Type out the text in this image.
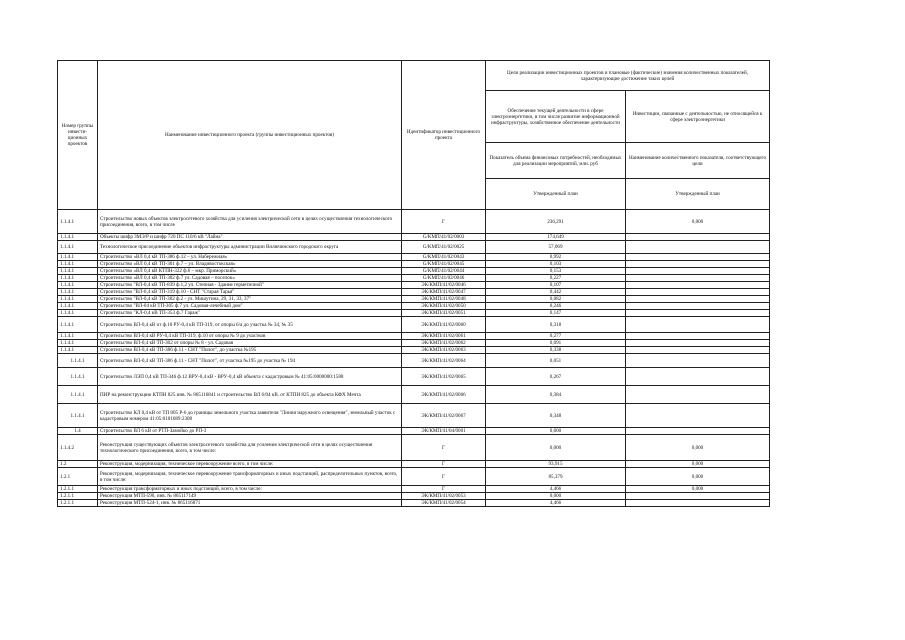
Номер группы инвести-ционных проектов	Наименование инвестиционного проекта (группы инвестиционных проектов)	Идентификатор инвестиционного проекта	Цели реализации инвестиционных проектов и плановые (фактические) значения количественных показателей, характеризующие достижение таких целей	
			Обеспечение текущей деятельности в сфере электроэнергетики, в том числе развитие информационной инфраструктуры, хозяйственное обеспечение деятельности	Инвестиции, связанные с деятельностью, не относящейся к сфере электроэнергетики
			Показатель объема финансовых потребностей, необходимых для реализации мероприятий, млн. руб	Наименование количественного показателя, соответствующего цели
			Утвержденный план	Утвержденный план
1.1.4.1	Строительство новых объектов электросетевого хозяйства для усиления электрической сети в целях осуществления технологического присоединения, всего, в том числе	Г	236,291	0,000
1.1.4.1	Объекты шифр 3МЭ/Р и шифр 720 ПС 110/6 кВ "Лайна"	G/KMП/41/02/0003	174,649	
1.1.4.1	Технологическое присоединение объектов инфраструктуры администрации Вилючинского городского округа	G/KMП/41/02/0025	57,069	
1.1.4.1	Строительство «ВЛ 0,4 кВ ТП-386 ф.12 – ул. Набережная»	G/KMП/41/02/0043	0,992	
1.1.4.1	Строительство «ВЛ 0,4 кВ ТП-301 ф.7 – ул. Владивостокская»	G/KMП/41/02/0045	0,103	
1.1.4.1	Строительство «ВЛ 0,4 кВ КТПН-322 ф.6 – мкр. Приморский»	G/KMП/41/02/0044	0,153	
1.1.4.1	Строительство «ВЛ 0,4 кВ ТП-302 ф.7 ул. Садовая – поселок»	G/KMП/41/02/0046	0,227	
1.1.4.1	Строительство "ВЛ-0,4 кВ ТП-839 ф.1,2 ул. Степная - Здание герметичной"	ЭК/КМП/41/02/0046	0,107	
1.1.4.1	Строительство "ВЛ-0,4 кВ ТП-319 ф.10 - СНТ "Старая Тарья"	ЭК/КМП/41/02/0047	0,442	
1.1.4.1	Строительство "ВЛ-0,4 кВ ТП-302 ф.2 - ул. Мишутина, 29, 31, 33, 37"	ЭК/КМП/41/02/0048	0,082	
1.1.4.1	Строительство "ВЛ-04 кВ ТП-305 ф.7 ул. Садовая-лечебный дом"	ЭК/КМП/41/02/0050	0,246	
1.1.4.1	Строительство "КЛ-0,4 кВ ТП-353 ф.7 Гараж"	ЭК/КМП/41/02/0051	0,147	
1.1.4.1	Строительство ВЛ-0,4 кВ от ф.10 РУ-0,4 кВ ТП-319, от опоры 6/а до участка № 34, № 35	ЭК/КМП/41/02/0060	0,318	
1.1.4.1	Строительство ВЛ-0,4 кВ РУ-0,4 кВ ТП-319, ф.10 от опоры № 9 до участков	ЭК/КМП/41/02/0061	0,277	
1.1.4.1	Строительство ВЛ-0,4 кВ ТП-302 от опоры № 8 - ул. Садовая	ЭК/КМП/41/02/0062	0,091	
1.1.4.1	Строительство ВЛ-0,4 кВ ТП-386 ф.11 - СНТ "Пилот", до участка №195	ЭК/КМП/41/02/0063	0,338	
1.1.4.1	Строительство ВЛ-0,4 кВ ТП-386 ф.11 - СНТ "Пилот", от участка №195 до участка № 194	ЭК/КМП/41/02/0064	0,051	
1.1.4.1	Строительство ЛЭП 0,4 кВ ТП-346 ф.12 ВРУ-0,4 кВ - ВРУ-0,4 кВ объекта с кадастровым № 41:05:0000000:1588	ЭК/КМП/41/02/0065	0,267	
1.1.4.1	ПИР на реконструкцию КТПН 825 инв. № 865116841 и строительство ВЛ 6/04 кВ. от КТПН 825 до объекта КФХ Мечта	ЭК/КМП/41/02/0066	0,384	
1.1.4.1	Строительство КЛ 0,4 кВ от ТП 805 Р-6 до границы земельного участка заявителя "Линии наружного освещения", земельный участок с кадастровым номером 41:05:0101089:2308	ЭК/КМП/41/02/0067	0,348	
1.4	Строительство ВЛ 6 кВ от РТП-Замойко до РП-3	ЭК/КМП/41/04/0001	0,000	
1.1.4.2	Реконструкция существующих объектов электросетевого хозяйства для усиления электрической сети в целях осуществления технологического присоединения, всего, в том числе:	Г	0,000	0,000
1.2	Реконструкция, модернизация, техническое перевооружение всего, в том числе:	Г	93,915	0,000
1.2.1	Реконструкция, модернизация, техническое перевооружение трансформаторных и иных подстанций, распределительных пунктов, всего, в том числе:	Г	85,379	0,000
1.2.1.1	Реконструкция трансформаторных и иных подстанций, всего, в том числе:	Г	4,466	0,000
1.2.1.1	Реконструкция МТП-590, инв. № 865117149	ЭК/КМП/41/02/0053	0,000	
1.2.1.1	Реконструкция МТП-524-1, инв. № 865116871	ЭК/КМП/41/02/0054	4,466	
